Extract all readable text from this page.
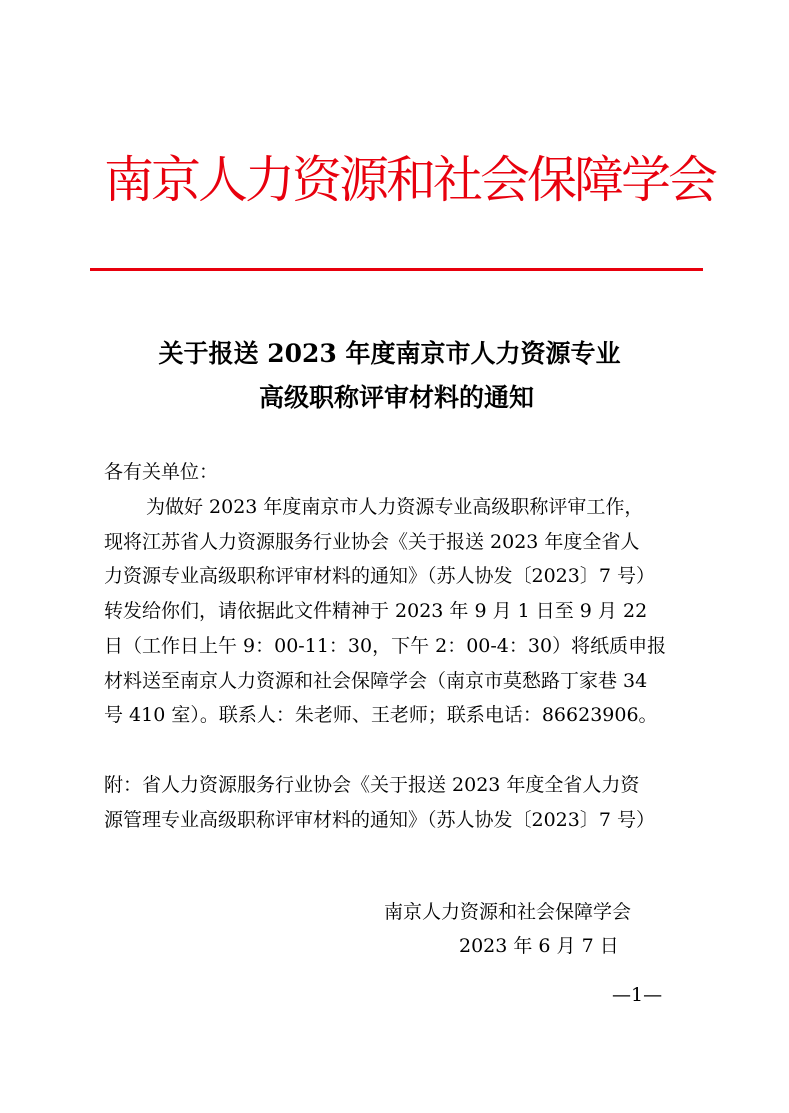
南京人力资源和社会保障学会
关于报送 2023 年度南京市人力资源专业
高级职称评审材料的通知
各有关单位：
为做好 2023 年度南京市人力资源专业高级职称评审工作，
现将江苏省人力资源服务行业协会《关于报送 2023 年度全省人
力资源专业高级职称评审材料的通知》（苏人协发〔2023〕7 号）
转发给你们，请依据此文件精神于 2023 年 9 月 1 日至 9 月 22
日（工作日上午 9：00-11：30，下午 2：00-4：30）将纸质申报
材料送至南京人力资源和社会保障学会（南京市莫愁路丁家巷 34
号 410 室）。联系人：朱老师、王老师；联系电话：86623906。
附：省人力资源服务行业协会《关于报送 2023 年度全省人力资
源管理专业高级职称评审材料的通知》（苏人协发〔2023〕7 号）
南京人力资源和社会保障学会
2023 年 6 月 7 日
—1—
